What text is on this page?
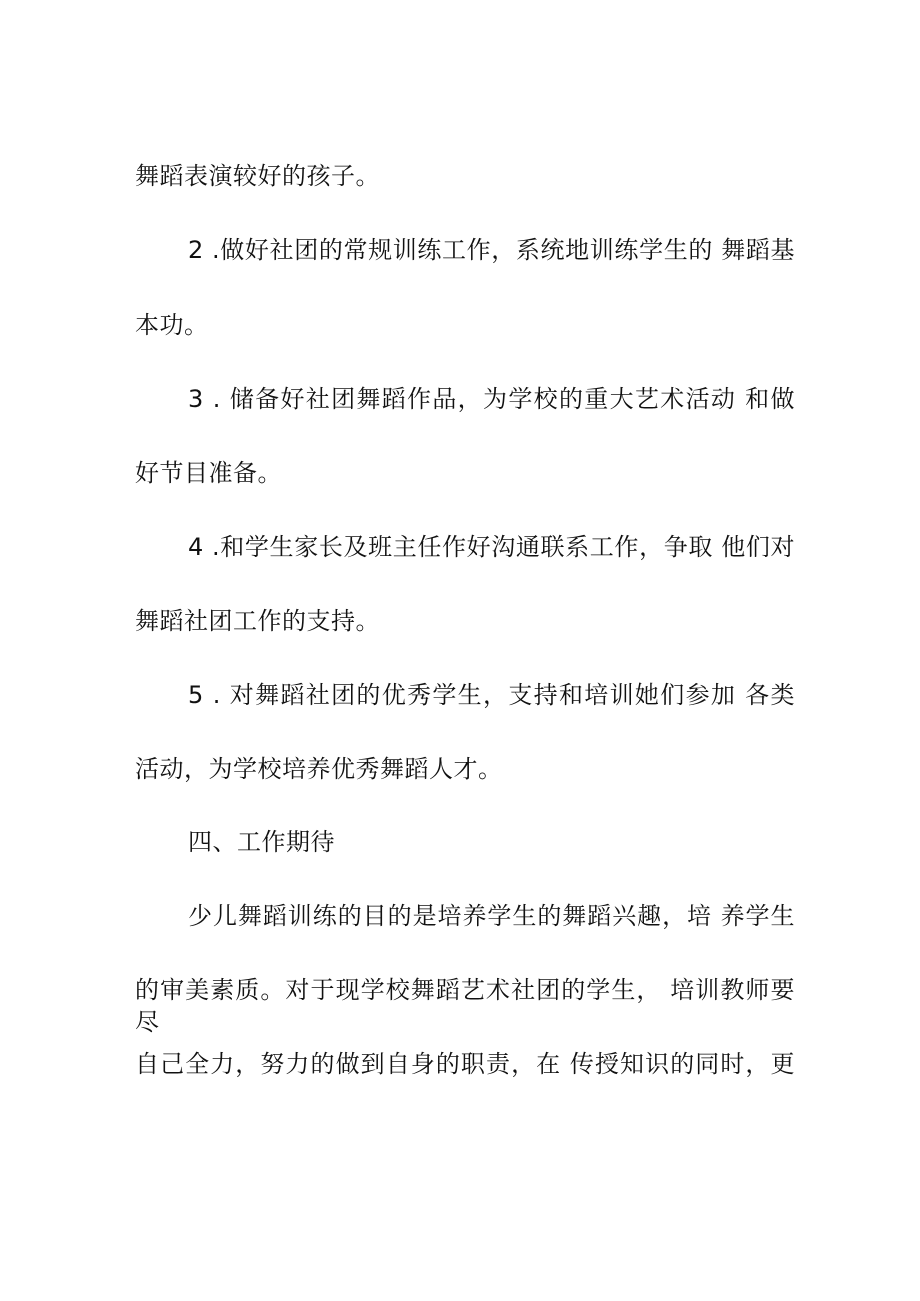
舞蹈表演较好的孩子。
2 .做好社团的常规训练工作，系统地训练学生的 舞蹈基
本功。
3 . 储备好社团舞蹈作品，为学校的重大艺术活动 和做
好节目准备。
4 .和学生家长及班主任作好沟通联系工作，争取 他们对
舞蹈社团工作的支持。
5 . 对舞蹈社团的优秀学生，支持和培训她们参加 各类
活动，为学校培养优秀舞蹈人才。
四、工作期待
少儿舞蹈训练的目的是培养学生的舞蹈兴趣，培 养学生
的审美素质。对于现学校舞蹈艺术社团的学生， 培训教师要尽
自己全力，努力的做到自身的职责，在 传授知识的同时，更
